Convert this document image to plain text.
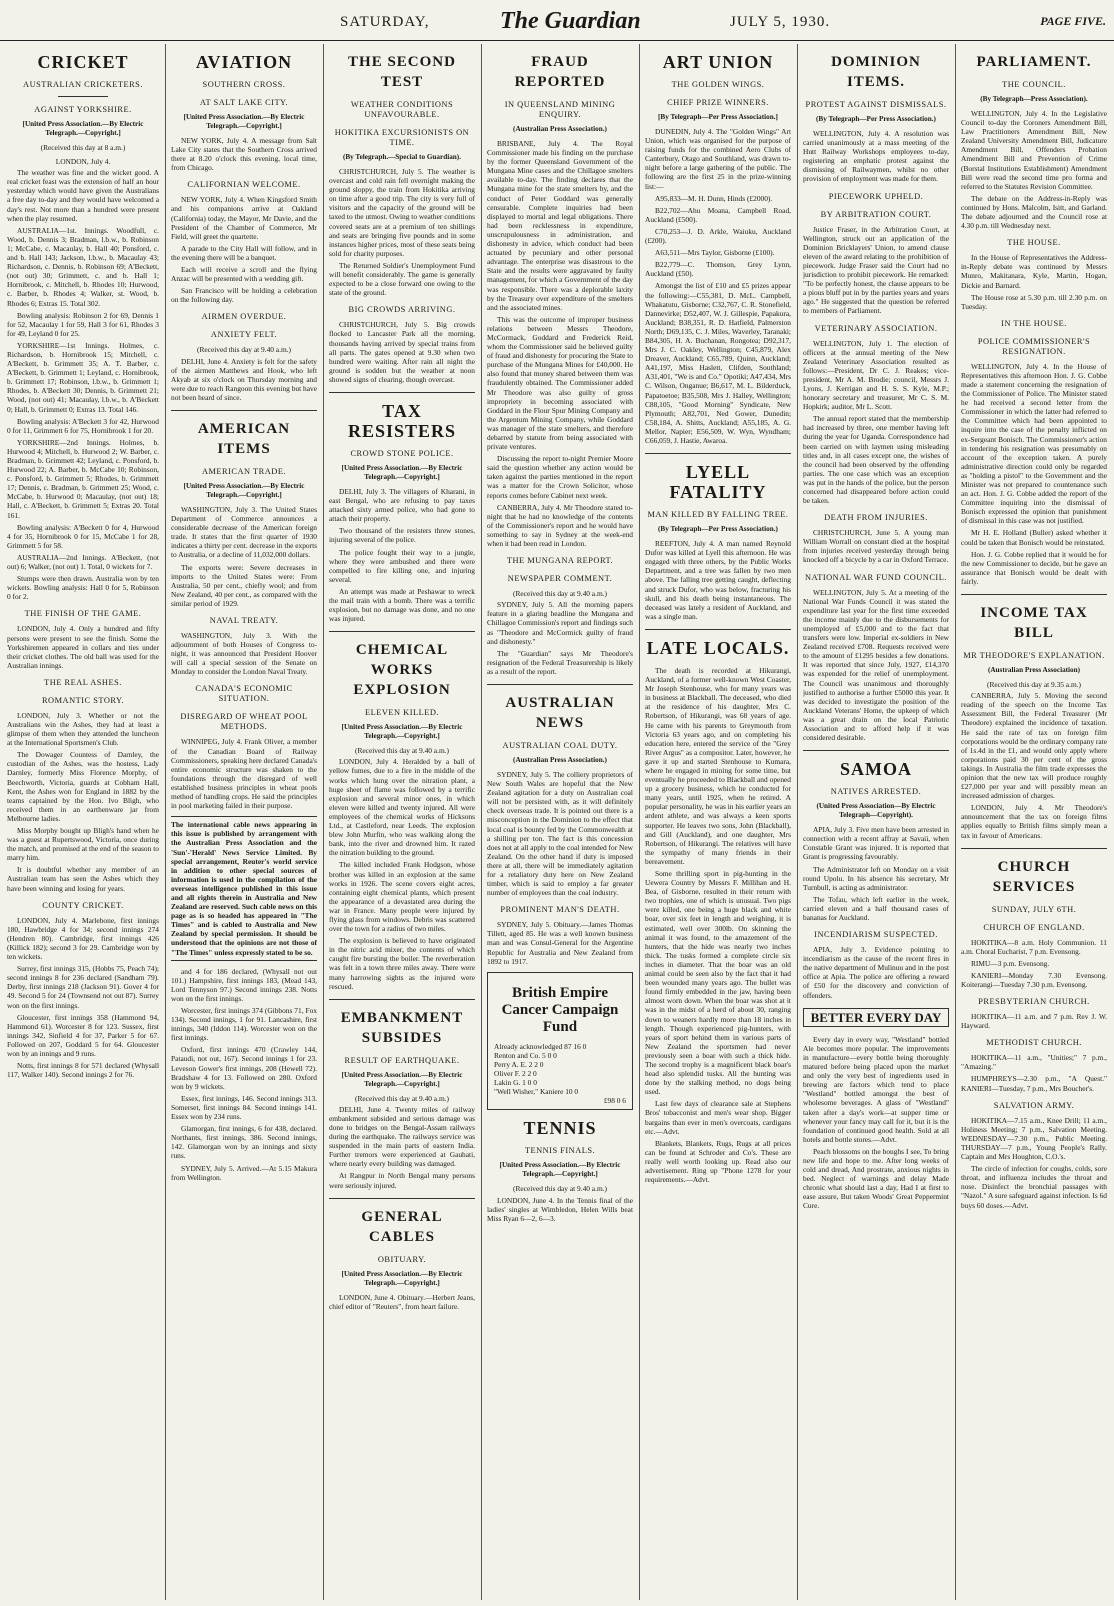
SATURDAY,	The Guardian	JULY 5, 1930.	PAGE FIVE.
CRICKET
AUSTRALIAN CRICKETERS.
AGAINST YORKSHIRE.
[United Press Association.—By Electric Telegraph.—Copyright.]
(Received this day at 8 a.m.)
LONDON, July 4.

The weather was fine and the wicket good. A real cricket feast was the extension of half an hour yesterday which would have given the Australians a free day to-day and they would have welcomed a day's rest. Not more than a hundred were present when the play resumed.

AUSTRALIA—1st. Innings. Woodfull, c. Wood, b. Dennis 3; Bradman, l.b.w., b. Robinson 1; McCabe, c. Macaulay, b. Hall 40; Ponsford, c. and b. Hall 143; Jackson, l.b.w., b. Macaulay 43; Richardson, c. Dennis, b. Robinson 69; A'Beckett, (not out) 30; Grimmett, c. and b. Hall 1; Hornibrook, c. Mitchell, b. Rhodes 10; Hurwood, c. Barber, b. Rhodes 4; Walker, st. Wood, b. Rhodes 6; Extras 15. Total 302.

Bowling analysis: Robinson 2 for 69, Dennis 1 for 52, Macaulay 1 for 59, Hall 3 for 61, Rhodes 3 for 49, Leyland 0 for 25.

YORKSHIRE—1st Innings. Holmes, c. Richardson, b. Hornibrook 15; Mitchell, c. A'Beckett, b. Grimmett 35; A. T. Barber, c. A'Beckett, b. Grimmett 1; Leyland, c. Hornibrook, b. Grimmett 17; Robinson, l.b.w., b. Grimmett 1; Rhodes, b. A'Beckett 30; Dennis, b. Grimmett 21; Wood, (not out) 41; Macaulay, l.b.w., b. A'Beckett 0; Hall, b. Grimmett 0; Extras 13. Total 146.

Bowling analysis: A'Beckett 3 for 42, Hurwood 0 for 11, Grimmett 6 for 75, Hornibrook 1 for 20.

YORKSHIRE—2nd Innings. Holmes, b. Hurwood 4; Mitchell, b. Hurwood 2; W. Barber, c. Bradman, b. Grimmett 42; Leyland, c. Ponsford, b. Hurwood 22; A. Barber, b. McCabe 10; Robinson, c. Ponsford, b. Grimmett 5; Rhodes, b. Grimmett 17; Dennis, c. Bradman, b. Grimmett 25; Wood, c. McCabe, b. Hurwood 0; Macaulay, (not out) 18; Hall, c. A'Beckett, b. Grimmett 5; Extras 20. Total 161.

Bowling analysis: A'Beckett 0 for 4, Hurwood 4 for 35, Hornibrook 0 for 15, McCabe 1 for 28, Grimmett 5 for 58.

AUSTRALIA—2nd Innings. A'Beckett, (not out) 6; Walker, (not out) 1. Total, 0 wickets for 7.

Stumps were then drawn. Australia won by ten wickets. Bowling analysis: Hall 0 for 5, Robinson 0 for 2.

THE FINISH OF THE GAME.

LONDON, July 4. Only a hundred and fifty persons were present to see the finish. Some the Yorkshiremen appeared in collars and ties under their cricket clothes. The old ball was used for the Australian innings.

THE REAL ASHES.
ROMANTIC STORY.

LONDON, July 3. Whether or not the Australians win the Ashes, they had at least a glimpse of them when they attended the luncheon at the International Sportsmen's Club.

The Dowager Countess of Darnley, the custodian of the Ashes, was the hostess, Lady Darnley, formerly Miss Florence Morphy, of Beechworth, Victoria, guards at Cobham Hall, Kent, the Ashes won for England in 1882 by the teams captained by the Hon. Ivo Bligh, who received them in an earthenware jar from Melbourne ladies.

Miss Morphy bought up Bligh's hand when he was a guest at Rupertswood, Victoria, once during the match, and promised at the end of the season to marry him.

It is doubtful whether any member of an Australian team has seen the Ashes which they have been winning and losing for years.

COUNTY CRICKET.

LONDON, July 4. Marlebone, first innings 180, Hawbridge 4 for 34; second innings 274 (Hendren 80). Cambridge, first innings 426 (Killick 182); second 3 for 29. Cambridge won by ten wickets.

Surrey, first innings 315, (Hobbs 75, Peach 74); second innings 8 for 236 declared (Sandham 79). Derby, first innings 218 (Jackson 91). Gover 4 for 49. Second 5 for 24 (Townsend not out 87). Surrey won on the first innings.

Gloucester, first innings 358 (Hammond 94, Hammond 61). Worcester 8 for 123. Sussex, first innings 342, Sinfield 4 for 37, Parker 5 for 67. Followed on 207, Goddard 5 for 64. Gloucester won by an innings and 9 runs.

Notts, first innings 8 for 571 declared (Whysall 117, Walker 140). Second innings 2 for 76.

AVIATION
SOUTHERN CROSS.
AT SALT LAKE CITY.
[United Press Association.—By Electric Telegraph.—Copyright.]

NEW YORK, July 4. A message from Salt Lake City states that the Southern Cross arrived there at 8.20 o'clock this evening, local time, from Chicago.

CALIFORNIAN WELCOME.

NEW YORK, July 4. When Kingsford Smith and his companions arrive at Oakland (California) today, the Mayor, Mr Davie, and the President of the Chamber of Commerce, Mr Field, will greet the quartette.

A parade to the City Hall will follow, and in the evening there will be a banquet.

Each will receive a scroll and the flying Anzac will be presented with a wedding gift.

San Francisco will be holding a celebration on the following day.

AIRMEN OVERDUE.
ANXIETY FELT.
(Received this day at 9.40 a.m.)

DELHI, June 4. Anxiety is felt for the safety of the airmen Matthews and Hook, who left Akyab at six o'clock on Thursday morning and were due to reach Rangoon this evening but have not been heard of since.

AMERICAN ITEMS
AMERICAN TRADE.
[United Press Association.—By Electric Telegraph.—Copyright.]

WASHINGTON, July 3. The United States Department of Commerce announces a considerable decrease of the American foreign trade. It states that the first quarter of 1930 indicates a thirty per cent. decrease in the exports to Australia, or a decline of 11,032,000 dollars.

The exports were: Severe decreases in imports to the United States were: From Australia, 50 per cent., chiefly wool; and from New Zealand, 40 per cent., as compared with the similar period of 1929.

NAVAL TREATY.

WASHINGTON, July 3. With the adjournment of both Houses of Congress to-night, it was announced that President Hoover will call a special session of the Senate on Monday to consider the London Naval Treaty.

CANADA'S ECONOMIC SITUATION.
DISREGARD OF WHEAT POOL METHODS.

WINNIPEG, July 4. Frank Oliver, a member of the Canadian Board of Railway Commissioners, speaking here declared Canada's entire economic structure was shaken to the foundations through the disregard of well established business principles in wheat pools method of handling crops. He said the principles in pool marketing failed in their purpose.

The international cable news appearing in this issue is published by arrangement with the Australian Press Association and the 'Sun'-'Herald' News Service Limited. By special arrangement, Reuter's world service in addition to other special sources of information is used in the compilation of the overseas intelligence published in this issue and all rights therein in Australia and New Zealand are reserved. Such cable news on this page as is so headed has appeared in "The Times" and is cabled to Australia and New Zealand by special permission. It should be understood that the opinions are not those of "The Times" unless expressly stated to be so.

and 4 for 186 declared, (Whysall not out 101.) Hampshire, first innings 183, (Mead 143, Lord Tennyson 97.) Second innings 238. Notts won on the first innings.

Worcester, first innings 374 (Gibbons 71, Fox 134). Second innings, 1 for 91. Lancashire, first innings, 340 (Iddon 114). Worcester won on the first innings.

Oxford, first innings 470 (Crawley 144, Pataudi, not out, 167). Second innings 1 for 23. Leveson Gower's first innings, 208 (Hewell 72). Bradshaw 4 for 13. Followed on 280. Oxford won by 9 wickets.

Essex, first innings, 146. Second innings 313. Somerset, first innings 84. Second innings 141. Essex won by 234 runs.

Glamorgan, first innings, 6 for 438, declared. Northants, first innings, 386. Second innings, 142. Glamorgan won by an innings and sixty runs.

SYDNEY, July 5. Arrived.—At 5.15 Makura from Wellington.

THE SECOND TEST
WEATHER CONDITIONS UNFAVOURABLE.
HOKITIKA EXCURSIONISTS ON TIME.
(By Telegraph.—Special to Guardian).

CHRISTCHURCH, July 5. The weather is overcast and cold rain fell overnight making the ground sloppy, the train from Hokitika arriving on time after a good trip. The city is very full of visitors and the capacity of the ground will be taxed to the utmost. Owing to weather conditions covered seats are at a premium of ten shillings and seats are bringing five pounds and in some instances higher prices, most of these seats being sold for charity purposes.

The Returned Soldier's Unemployment Fund will benefit considerably. The game is generally expected to be a close forward one owing to the state of the ground.

BIG CROWDS ARRIVING.

CHRISTCHURCH, July 5. Big crowds flocked to Lancaster Park all the morning, thousands having arrived by special trains from all parts. The gates opened at 9.30 when two hundred were waiting. After rain all night the ground is sodden but the weather at noon showed signs of clearing, though overcast.

TAX RESISTERS
CROWD STONE POLICE.
[United Press Association.—By Electric Telegraph.—Copyright.]

DELHI, July 3. The villagers of Kharani, in east Bengal, who are refusing to pay taxes attacked sixty armed police, who had gone to attach their property.

Two thousand of the resisters threw stones, injuring several of the police.

The police fought their way to a jungle, where they were ambushed and there were compelled to fire killing one, and injuring several.

An attempt was made at Peshawar to wreck the mail train with a bomb. There was a terrific explosion, but no damage was done, and no one was injured.

CHEMICAL WORKS EXPLOSION
ELEVEN KILLED.
[United Press Association.—By Electric Telegraph.—Copyright.]
(Received this day at 9.40 a.m.)

LONDON, July 4. Heralded by a ball of yellow fumes, due to a fire in the middle of the works which hung over the nitration plant, a huge sheet of flame was followed by a terrific explosion and several minor ones, in which eleven were killed and twenty injured. All were employees of the chemical works of Hicksons Ltd., at Castleford, near Leeds. The explosion blew John Murfin, who was walking along the bank, into the river and drowned him. It razed the nitration building to the ground.

The killed included Frank Hodgson, whose brother was killed in an explosion at the same works in 1926. The scene covers eight acres, containing eight chemical plants, which present the appearance of a devastated area during the war in France. Many people were injured by flying glass from windows. Debris was scattered over the town for a radius of two miles.

The explosion is believed to have originated in the nitric acid mixer, the contents of which caught fire bursting the boiler. The reverberation was felt in a town three miles away. There were many harrowing sights as the injured were rescued.

EMBANKMENT SUBSIDES
RESULT OF EARTHQUAKE.
[United Press Association.—By Electric Telegraph.—Copyright.]
(Received this day at 9.40 a.m.)

DELHI, June 4. Twenty miles of railway embankment subsided and serious damage was done to bridges on the Bengal-Assam railways during the earthquake. The railways service was suspended in the main parts of eastern India. Further tremors were experienced at Gauhati, where nearly every building was damaged.

At Rangpur in North Bengal many persons were seriously injured.

GENERAL CABLES
OBITUARY.
[United Press Association.—By Electric Telegraph.—Copyright.]

LONDON, June 4. Obituary.—Herbert Jeans, chief editor of "Reuters", from heart failure.

FRAUD REPORTED
IN QUEENSLAND MINING ENQUIRY.
(Australian Press Association.)

BRISBANE, July 4. The Royal Commissioner made his finding on the purchase by the former Queensland Government of the Mungana Mine cases and the Chillagoe smelters available to-day. The finding declares that the Mungana mine for the state smelters by, and the conduct of Peter Goddard was generally censurable. Complete inquiries had been displayed to mortal and legal obligations. There had been recklessness in expenditure, unscrupulousness in administration, and dishonesty in advice, which conduct had been actuated by pecuniary and other personal advantage. The enterprise was disastrous to the State and the results were aggravated by faulty management, for which a Government of the day was responsible. There was a deplorable laxity by the Treasury over expenditure of the smelters and the associated mines.

This was the outcome of improper business relations between Messrs Theodore, McCormack, Goddard and Frederick Reid, whom the Commissioner said he believed guilty of fraud and dishonesty for procuring the State to purchase of the Mungana Mines for £40,000. He also found that money shared between them was fraudulently obtained. The Commissioner added Mr Theodore was also guilty of gross impropriety in becoming associated with Goddard in the Flour Spur Mining Company and the Argentum Mining Company, while Goddard was manager of the state smelters, and therefore debarred by statute from being associated with private ventures.

Discussing the report to-night Premier Moore said the question whether any action would be taken against the parties mentioned in the report was a matter for the Crown Solicitor, whose reports comes before Cabinet next week.

CANBERRA, July 4. Mr Theodore stated to-night that he had no knowledge of the contents of the Commissioner's report and he would have something to say in Sydney at the week-end when it had been read in London.

THE MUNGANA REPORT.
NEWSPAPER COMMENT.
(Received this day at 9.40 a.m.)

SYDNEY, July 5. All the morning papers feature in a glaring headline the Mungana and Chillagoe Commission's report and findings such as "Theodore and McCormick guilty of fraud and dishonesty."

The "Guardian" says Mr Theodore's resignation of the Federal Treasurership is likely as a result of the report.

AUSTRALIAN NEWS
AUSTRALIAN COAL DUTY.
(Australian Press Association.)

SYDNEY, July 5. The colliery proprietors of New South Wales are hopeful that the New Zealand agitation for a duty on Australian coal will not be persisted with, as it will definitely check overseas trade. It is pointed out there is a misconception in the Dominion to the effect that local coal is bounty fed by the Commonwealth at a shilling per ton. The fact is this concession does not at all apply to the coal intended for New Zealand. On the other hand if duty is imposed there at all, there will be immediately agitation for a retaliatory duty here on New Zealand timber, which is said to employ a far greater number of employees than the coal industry.

PROMINENT MAN'S DEATH.

SYDNEY, July 5. Obituary.—James Thomas Tillett, aged 85. He was a well known business man and was Consul-General for the Argentine Republic for Australia and New Zealand from 1892 to 1917.

British Empire Cancer Campaign Fund
Already acknowledged 87 16 0
Renton and Co. 5 0 0
Perry A. E. 2 2 0
Oliver F. 2 2 0
Lakin G. 1 0 0
"Well Wisher," Kaniere 10 0
£98 0 6
TENNIS
TENNIS FINALS.
[United Press Association.—By Electric Telegraph.—Copyright.]
(Received this day at 9.40 a.m.)

LONDON, June 4. In the Tennis final of the ladies' singles at Wimbledon, Helen Wills beat Miss Ryan 6—2, 6—3.

ART UNION
THE GOLDEN WINGS.
CHIEF PRIZE WINNERS.
[By Telegraph—Per Press Association.]

DUNEDIN, July 4. The "Golden Wings" Art Union, which was organised for the purpose of raising funds for the combined Aero Clubs of Canterbury, Otago and Southland, was drawn to-night before a large gathering of the public. The following are the first 25 in the prize-winning list:—

A95,833—M. H. Dunn, Hinds (£2000).

B22,702—Ahu Moana, Campbell Road, Auckland (£500).

C70,253—J. D. Arkle, Waiuku, Auckland (£200).

A63,511—Mrs Taylor, Gisborne (£100).

B22,779—C. Thomson, Grey Lynn, Auckland (£50).

Amongst the list of £10 and £5 prizes appear the following:—C55,381, D. McL. Campbell, Whakatutu, Gisborne; C32,767, C. R. Stonefield, Dannevirke; D52,407, W. J. Gillespie, Papakura, Auckland; B38,351, R. D. Hatfield, Palmerston North; D69,135, C. J. Miles, Waverley, Taranaki; B84,305, H. A. Buchanan, Rongotea; D92,317, Mrs J. C. Oakley, Wellington; C45,879, Alex Dreaver, Auckland; C65,789, Quinn, Auckland; A41,197, Miss Haslett, Clifden, Southland; A31,401, "We is and Co." Opotiki; A47,434, Mrs C. Wilson, Onganue; B6,617, M. L. Bilderduck, Papatoetoe; B35,508, Mrs J. Halley, Wellington; C88,105, "Good Morning" Syndicate, New Plymouth; A82,701, Ned Gower, Dunedin; C58,184, A. Shitts, Auckland; A55,185, A. G. Mellor, Napier; E56,509, W. Wyn, Wyndham; C66,059, J. Hastie, Awaroa.

LYELL FATALITY
MAN KILLED BY FALLING TREE.
(By Telegraph—Per Press Association.)

REEFTON, July 4. A man named Reynold Dufor was killed at Lyell this afternoon. He was engaged with three others, by the Public Works Department, and a tree was fallen by two men above. The falling tree getting caught, deflecting and struck Dufor, who was below, fracturing his skull, and his death being instantaneous. The deceased was lately a resident of Auckland, and was a single man.

LATE LOCALS.

The death is recorded at Hikurangi, Auckland, of a former well-known West Coaster, Mr Joseph Stenhouse, who for many years was in business at Blackball. The deceased, who died at the residence of his daughter, Mrs C. Robertson, of Hikurangi, was 68 years of age. He came with his parents to Greymouth from Victoria 63 years ago, and on completing his education here, entered the service of the "Grey River Argus" as a compositor. Later, however, he gave it up and started Stenhouse to Kumara, where he engaged in mining for some time, but eventually he proceeded to Blackball and opened up a grocery business, which he conducted for many years, until 1925, when he retired. A popular personality, he was in his earlier years an ardent athlete, and was always a keen sports supporter. He leaves two sons, John (Blackball), and Gill (Auckland), and one daughter, Mrs Robertson, of Hikurangi. The relatives will have the sympathy of many friends in their bereavement.

Some thrilling sport in pig-hunting in the Uewera Country by Messrs F. Millihan and H. Bea, of Gisborne, resulted in their return with two trophies, one of which is unusual. Two pigs were killed, one being a huge black and white boar, over six feet in length and weighing, it is estimated, well over 300lb. On skinning the animal it was found, to the amazement of the hunters, that the hide was nearly two inches thick. The tusks formed a complete circle six inches in diameter. That the boar was an old animal could be seen also by the fact that it had been wounded many years ago. The bullet was found firmly embedded in the jaw, having been almost worn down. When the boar was shot at it was in the midst of a herd of about 30, ranging down to weaners hardly more than 18 inches in length. Though experienced pig-hunters, with years of sport behind them in various parts of New Zealand the sportsmen had never previously seen a boar with such a thick hide. The second trophy is a magnificent black boar's head also splendid tusks. All the hunting was done by the stalking method, no dogs being used.

Last few days of clearance sale at Stephens Bros' tobacconist and men's wear shop. Bigger bargains than ever in men's overcoats, cardigans etc.—Advt.

Blankets, Blankets, Rugs, Rugs at all prices can be found at Schroder and Co's. These are really well worth looking up. Read also our advertisement. Ring up "Phone 1278 for your requirements.—Advt.

DOMINION ITEMS.
PROTEST AGAINST DISMISSALS.
(By Telegraph—Per Press Association.)

WELLINGTON, July 4. A resolution was carried unanimously at a mass meeting of the Hutt Railway Workshops employees to-day, registering an emphatic protest against the dismissing of Railwaymen, whilst no other provision of employment was made for them.

PIECEWORK UPHELD.
BY ARBITRATION COURT.

Justice Fraser, in the Arbitration Court, at Wellington, struck out an application of the Dominion Bricklayers' Union, to amend clause eleven of the award relating to the prohibition of piecework. Judge Fraser said the Court had no jurisdiction to prohibit piecework. He remarked: "To be perfectly honest, the clause appears to be a pious bluff put in by the parties years and years ago." He suggested that the question be referred to members of Parliament.

VETERINARY ASSOCIATION.

WELLINGTON, July 1. The election of officers at the annual meeting of the New Zealand Veterinary Association resulted as follows:—President, Dr C. J. Reakes; vice-president, Mr A. M. Brodie; council, Messrs J. Lyons, J. Kerrigan and H. S. S. Kyle, M.P.; honorary secretary and treasurer, Mr C. S. M. Hopkirk; auditor, Mr L. Scott.

The annual report stated that the membership had increased by three, one member having left during the year for Uganda. Correspondence had been carried on with laymen using misleading titles and, in all cases except one, the wishes of the council had been observed by the offending parties. The one case which was an exception was put in the hands of the police, but the person concerned had disappeared before action could be taken.

DEATH FROM INJURIES.

CHRISTCHURCH, June 5. A young man William Worrall on constant died at the hospital from injuries received yesterday through being knocked off a bicycle by a car in Oxford Terrace.

NATIONAL WAR FUND COUNCIL.

WELLINGTON, July 5. At a meeting of the National War Funds Council it was stated the expenditure last year for the first time exceeded the income mainly due to the disbursements for unemployed of £5,000 and to the fact that transfers were low. Imperial ex-soldiers in New Zealand received £708. Requests received were to the amount of £1295 besides a few donations. It was reported that since July, 1927, £14,370 was expended for the relief of unemployment. The Council was unanimous and thoroughly justified to authorise a further £5000 this year. It was decided to investigate the position of the Auckland Veterans' Home, the upkeep of which was a great drain on the local Patriotic Association and to afford help if it was considered desirable.

SAMOA
NATIVES ARRESTED.
(United Press Association—By Electric Telegraph—Copyright).

APIA, July 3. Five men have been arrested in connection with a recent affray at Savaii, when Constable Grant was injured. It is reported that Grant is progressing favourably.

The Administrator left on Monday on a visit round Upolu. In his absence his secretary, Mr Turnbull, is acting as administrator.

The Tofau, which left earlier in the week, carried eleven and a half thousand cases of bananas for Auckland.

INCENDIARISM SUSPECTED.

APIA, July 3. Evidence pointing to incendiarism as the cause of the recent fires in the native department of Mulinuu and in the post office at Apia. The police are offering a reward of £50 for the discovery and conviction of offenders.

BETTER EVERY DAY

Every day in every way, "Westland" bottled Ale becomes more popular. The improvements in manufacture—every bottle being thoroughly matured before being placed upon the market and only the very best of ingredients used in brewing are factors which tend to place "Westland" bottled amongst the best of wholesome beverages. A glass of "Westland" taken after a day's work—at supper time or whenever your fancy may call for it, but it is the foundation of continued good health. Sold at all hotels and bottle stores.—Advt.

Peach blossoms on the boughs I see, To bring new life and hope to me. After long weeks of cold and dread, And prostrate, anxious nights in bed. Neglect of warnings and delay Made chronic what should last a day, Had I at first to ease assure, But taken Woods' Great Peppermint Cure.

PARLIAMENT.
THE COUNCIL.
(By Telegraph—Press Association).

WELLINGTON, July 4. In the Legislative Council to-day the Coroners Amendment Bill, Law Practitioners Amendment Bill, New Zealand University Amendment Bill, Judicature Amendment Bill, Offenders Probation Amendment Bill and Prevention of Crime (Borstal Institutions Establishment) Amendment Bill were read the second time pro forma and referred to the Statutes Revision Committee.

The debate on the Address-in-Reply was continued by Hons. Malcolm, Isitt, and Garland. The debate adjourned and the Council rose at 4.30 p.m. till Wednesday next.

THE HOUSE.

In the House of Representatives the Address-in-Reply debate was continued by Messrs Munro, Makitanara, Kyle, Martin, Hogan, Dickie and Barnard.

The House rose at 5.30 p.m. till 2.30 p.m. on Tuesday.

IN THE HOUSE.
POLICE COMMISSIONER'S RESIGNATION.

WELLINGTON, July 4. In the House of Representatives this afternoon Hon. J. G. Cobbe made a statement concerning the resignation of the Commissioner of Police. The Minister stated he had received a second letter from the Commissioner in which the latter had referred to the Committee which had been appointed to inquire into the case of the penalty inflicted on ex-Sergeant Bonisch. The Commissioner's action in tendering his resignation was presumably on account of the exception taken. A purely administrative direction could only be regarded as "holding a pistol" to the Government and the Minister was not prepared to countenance such an act. Hon. J. G. Cobbe added the report of the Committee inquiring into the dismissal of Bonisch expressed the opinion that punishment of dismissal in this case was not justified.

Mr H. E. Holland (Buller) asked whether it could be taken that Bonisch would be reinstated.

Hon. J. G. Cobbe replied that it would be for the new Commissioner to decide, but he gave an assurance that Bonisch would be dealt with fairly.

INCOME TAX BILL
MR THEODORE'S EXPLANATION.
(Australian Press Association)
(Received this day at 9.35 a.m.)

CANBERRA, July 5. Moving the second reading of the speech on the Income Tax Assessment Bill, the Federal Treasurer (Mr Theodore) explained the incidence of taxation. He said the rate of tax on foreign film corporations would be the ordinary company rate of 1s.4d in the £1, and would only apply where corporations paid 30 per cent of the gross takings. In Australia the film trade expresses the opinion that the new tax will produce roughly £27,000 per year and will possibly mean an increased admission of charges.

LONDON, July 4. Mr Theodore's announcement that the tax on foreign films applies equally to British films simply mean a tax in favour of Americans.

CHURCH SERVICES
SUNDAY, JULY 6TH.
CHURCH OF ENGLAND.

HOKITIKA—8 a.m. Holy Communion. 11 a.m. Choral Eucharist, 7 p.m. Evensong.

RIMU—3 p.m. Evensong.

KANIERI—Monday 7.30 Evensong. Koiterangi—Tuesday 7.30 p.m. Evensong.

PRESBYTERIAN CHURCH.

HOKITIKA—11 a.m. and 7 p.m. Rev J. W. Hayward.

METHODIST CHURCH.

HOKITIKA—11 a.m., "Unities;" 7 p.m., "Amazing."

HUMPHREYS—2.30 p.m., "A Quest." KANIERI—Tuesday, 7 p.m., Mrs Boucher's.

SALVATION ARMY.

HOKITIKA—7.15 a.m., Knee Drill; 11 a.m., Holiness Meeting; 7 p.m., Salvation Meeting. WEDNESDAY—7.30 p.m., Public Meeting. THURSDAY—7 p.m., Young People's Rally. Captain and Mrs Houghton, C.O.'s.

The circle of infection for coughs, colds, sore throat, and influenza includes the throat and nose. Disinfect the bronchial passages with "Nazol." A sure safeguard against infection. Is 6d buys 60 doses.—Advt.
